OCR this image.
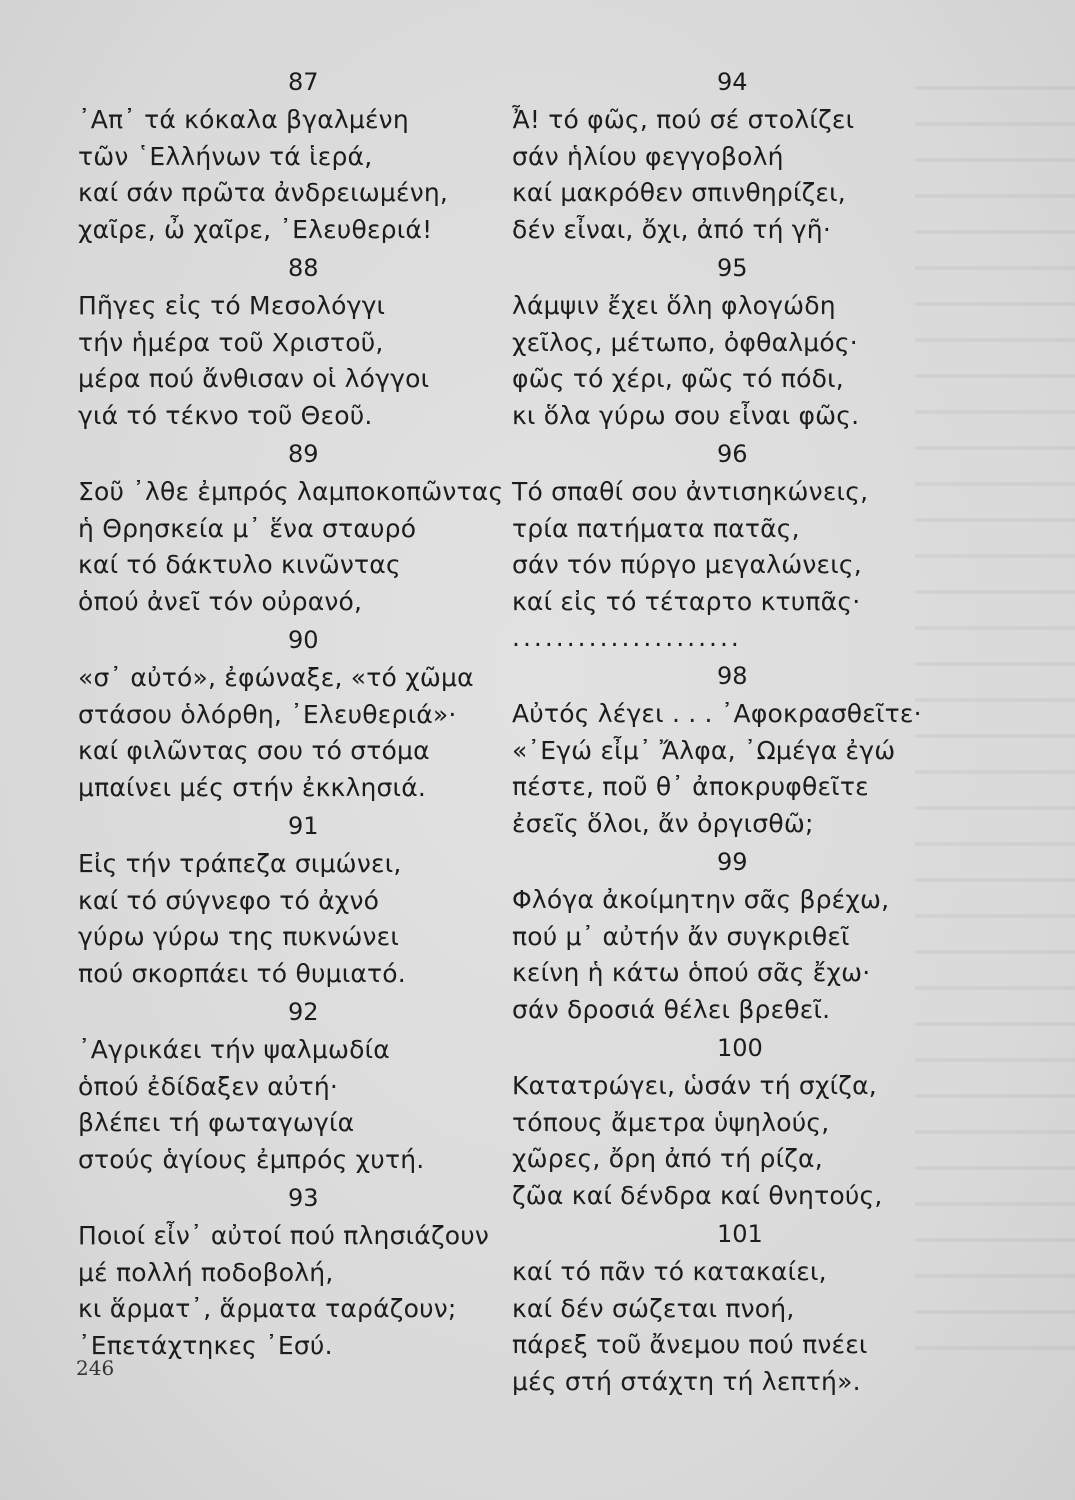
87
᾿Απ᾿ τά κόκαλα βγαλμένη
τῶν ῾Ελλήνων τά ἱερά,
καί σάν πρῶτα ἀνδρειωμένη,
χαῖρε, ὦ χαῖρε, ᾿Ελευθεριά!
88
Πῆγες εἰς τό Μεσολόγγι
τήν ἡμέρα τοῦ Χριστοῦ,
μέρα πού ἄνθισαν οἱ λόγγοι
γιά τό τέκνο τοῦ Θεοῦ.
89
Σοῦ ᾿λθε ἐμπρός λαμποκοπῶντας
ἡ Θρησκεία μ᾿ ἕνα σταυρό
καί τό δάκτυλο κινῶντας
ὁπού ἀνεῖ τόν οὐρανό,
90
«σ᾿ αὐτό», ἐφώναξε, «τό χῶμα
στάσου ὁλόρθη, ᾿Ελευθεριά»·
καί φιλῶντας σου τό στόμα
μπαίνει μές στήν ἐκκλησιά.
91
Εἰς τήν τράπεζα σιμώνει,
καί τό σύγνεφο τό ἀχνό
γύρω γύρω της πυκνώνει
πού σκορπάει τό θυμιατό.
92
᾿Αγρικάει τήν ψαλμωδία
ὁπού ἐδίδαξεν αὐτή·
βλέπει τή φωταγωγία
στούς ἁγίους ἐμπρός χυτή.
93
Ποιοί εἶν᾿ αὐτοί πού πλησιάζουν
μέ πολλή ποδοβολή,
κι ἅρματ᾿, ἅρματα ταράζουν;
᾿Επετάχτηκες ᾿Εσύ.
94
Ἆ! τό φῶς, πού σέ στολίζει
σάν ἡλίου φεγγοβολή
καί μακρόθεν σπινθηρίζει,
δέν εἶναι, ὄχι, ἀπό τή γῆ·
95
λάμψιν ἔχει ὅλη φλογώδη
χεῖλος, μέτωπο, ὀφθαλμός·
φῶς τό χέρι, φῶς τό πόδι,
κι ὅλα γύρω σου εἶναι φῶς.
96
Τό σπαθί σου ἀντισηκώνεις,
τρία πατήματα πατᾶς,
σάν τόν πύργο μεγαλώνεις,
καί εἰς τό τέταρτο κτυπᾶς·
.....................
98
Αὐτός λέγει . . . ᾿Αφοκρασθεῖτε·
«᾿Εγώ εἶμ᾿ Ἄλφα, ᾿Ωμέγα ἐγώ
πέστε, ποῦ θ᾿ ἀποκρυφθεῖτε
ἐσεῖς ὅλοι, ἄν ὀργισθῶ;
99
Φλόγα ἀκοίμητην σᾶς βρέχω,
πού μ᾿ αὐτήν ἄν συγκριθεῖ
κείνη ἡ κάτω ὁπού σᾶς ἔχω·
σάν δροσιά θέλει βρεθεῖ.
100
Κατατρώγει, ὡσάν τή σχίζα,
τόπους ἄμετρα ὑψηλούς,
χῶρες, ὄρη ἀπό τή ρίζα,
ζῶα καί δένδρα καί θνητούς,
101
καί τό πᾶν τό κατακαίει,
καί δέν σώζεται πνοή,
πάρεξ τοῦ ἄνεμου πού πνέει
μές στή στάχτη τή λεπτή».
246
